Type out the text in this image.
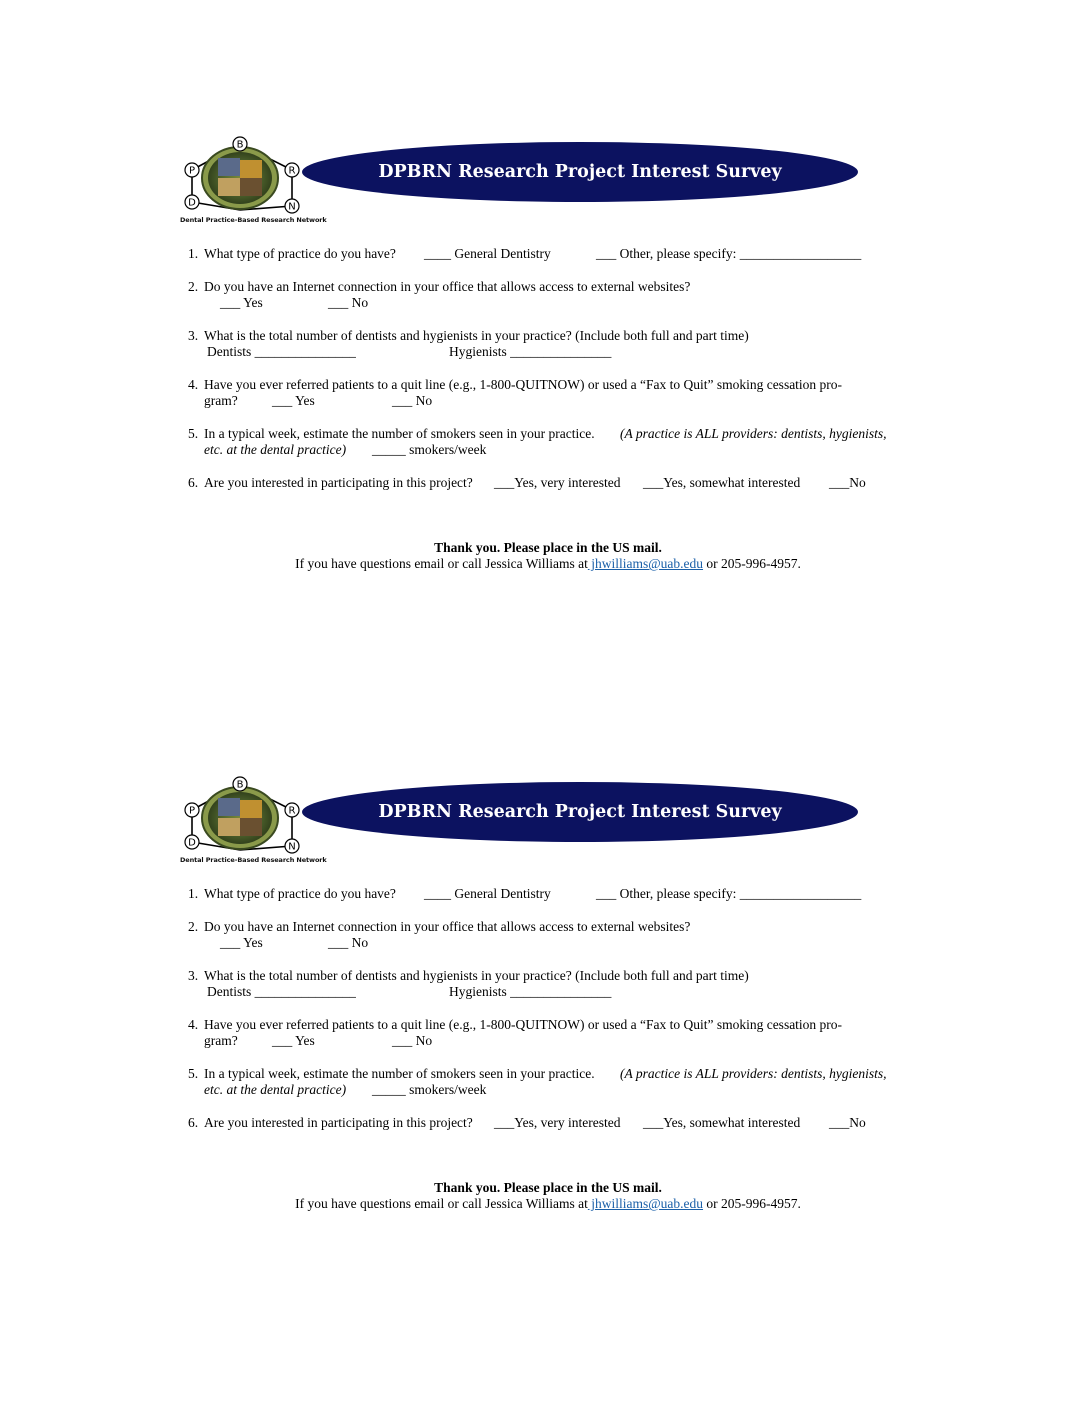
B
P	R
D	N
Dental Practice-Based Research Network
DPBRN Research Project Interest Survey
1. What type of practice do you have? ____ General Dentistry	___ Other, please specify: __________________
2. Do you have an Internet connection in your office that allows access to external websites?
___ Yes	___ No
3. What is the total number of dentists and hygienists in your practice? (Include both full and part time)
Dentists _______________	Hygienists _______________
4. Have you ever referred patients to a quit line (e.g., 1-800-QUITNOW) or used a “Fax to Quit” smoking cessation pro-
gram?	___ Yes	___ No
5. In a typical week, estimate the number of smokers seen in your practice. (A practice is ALL providers: dentists, hygienists,
etc. at the dental practice) _____ smokers/week
6. Are you interested in participating in this project? ___Yes, very interested ___Yes, somewhat interested ___No
Thank you. Please place in the US mail.
If you have questions email or call Jessica Williams at jhwilliams@uab.edu or 205-996-4957.
B
P	R
D	N
Dental Practice-Based Research Network
DPBRN Research Project Interest Survey
1. What type of practice do you have? ____ General Dentistry	___ Other, please specify: __________________
2. Do you have an Internet connection in your office that allows access to external websites?
___ Yes	___ No
3. What is the total number of dentists and hygienists in your practice? (Include both full and part time)
Dentists _______________	Hygienists _______________
4. Have you ever referred patients to a quit line (e.g., 1-800-QUITNOW) or used a “Fax to Quit” smoking cessation pro-
gram?	___ Yes	___ No
5. In a typical week, estimate the number of smokers seen in your practice. (A practice is ALL providers: dentists, hygienists,
etc. at the dental practice) _____ smokers/week
6. Are you interested in participating in this project? ___Yes, very interested ___Yes, somewhat interested ___No
Thank you. Please place in the US mail.
If you have questions email or call Jessica Williams at jhwilliams@uab.edu or 205-996-4957.
